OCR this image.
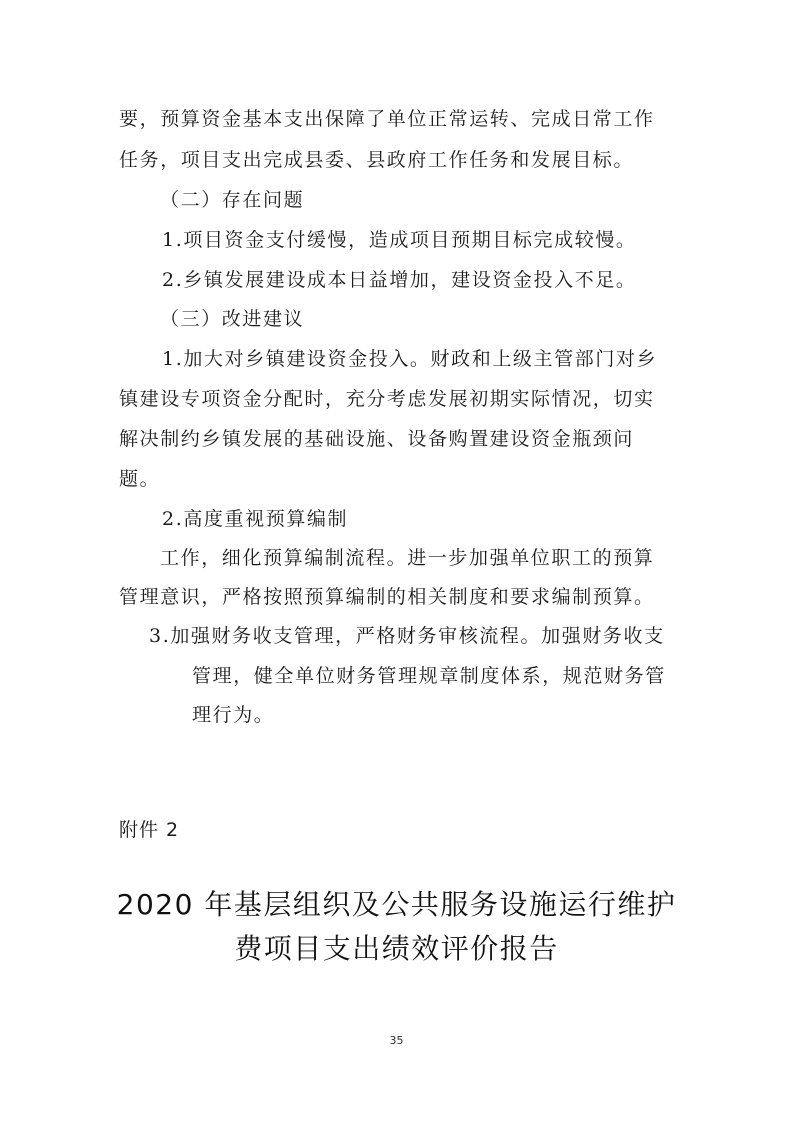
要，预算资金基本支出保障了单位正常运转、完成日常工作
任务，项目支出完成县委、县政府工作任务和发展目标。
（二）存在问题
1.项目资金支付缓慢，造成项目预期目标完成较慢。
2.乡镇发展建设成本日益增加，建设资金投入不足。
（三）改进建议
1.加大对乡镇建设资金投入。财政和上级主管部门对乡
镇建设专项资金分配时，充分考虑发展初期实际情况，切实
解决制约乡镇发展的基础设施、设备购置建设资金瓶颈问
题。
2.高度重视预算编制
工作，细化预算编制流程。进一步加强单位职工的预算
管理意识，严格按照预算编制的相关制度和要求编制预算。
3.加强财务收支管理，严格财务审核流程。加强财务收支
管理，健全单位财务管理规章制度体系，规范财务管
理行为。
附件 2
2020 年基层组织及公共服务设施运行维护
费项目支出绩效评价报告
35
